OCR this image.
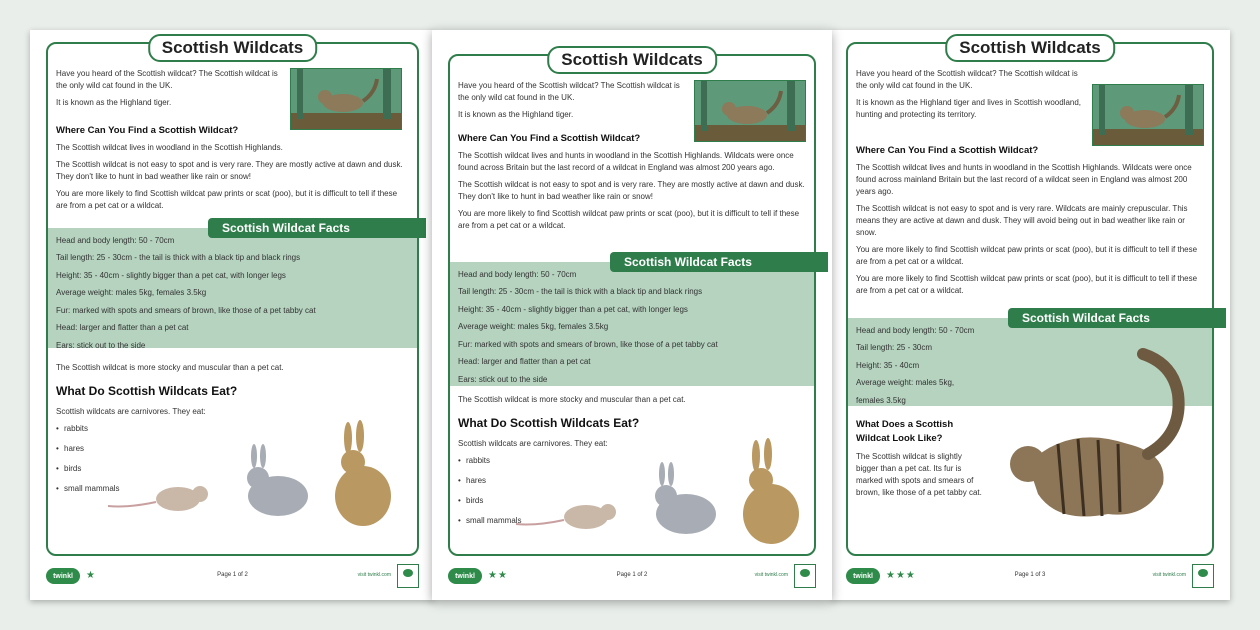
Scottish Wildcats

Have you heard of the Scottish wildcat? The Scottish wildcat is the only wild cat found in the UK.

It is known as the Highland tiger.

Where Can You Find a Scottish Wildcat?

The Scottish wildcat lives in woodland in the Scottish Highlands.

The Scottish wildcat is not easy to spot and is very rare. They are mostly active at dawn and dusk. They don't like to hunt in bad weather like rain or snow!

You are more likely to find Scottish wildcat paw prints or scat (poo), but it is difficult to tell if these are from a pet cat or a wildcat.

Head and body length: 50 - 70cm
Tail length: 25 - 30cm - the tail is thick with a black tip and black rings
Height: 35 - 40cm - slightly bigger than a pet cat, with longer legs
Average weight: males 5kg, females 3.5kg
Fur: marked with spots and smears of brown, like those of a pet tabby cat
Head: larger and flatter than a pet cat
Ears: stick out to the side
Scottish Wildcat Facts

The Scottish wildcat is more stocky and muscular than a pet cat.

What Do Scottish Wildcats Eat?

Scottish wildcats are carnivores. They eat:

• rabbits
• hares
• birds
• small mammals
twinkl	★	Page 1 of 2	visit twinkl.com
Scottish Wildcats

Have you heard of the Scottish wildcat? The Scottish wildcat is the only wild cat found in the UK.

It is known as the Highland tiger and lives in Scottish woodland, hunting and protecting its territory.

Where Can You Find a Scottish Wildcat?

The Scottish wildcat lives and hunts in woodland in the Scottish Highlands. Wildcats were once found across mainland Britain but the last record of a wildcat seen in England was almost 200 years ago.

The Scottish wildcat is not easy to spot and is very rare. Wildcats are mainly crepuscular. This means they are active at dawn and dusk. They will avoid being out in bad weather like rain or snow.

You are more likely to find Scottish wildcat paw prints or scat (poo), but it is difficult to tell if these are from a pet cat or a wildcat.

You are more likely to find Scottish wildcat paw prints or scat (poo), but it is difficult to tell if these are from a pet cat or a wildcat.

Head and body length: 50 - 70cm
Tail length: 25 - 30cm
Height: 35 - 40cm
Average weight: males 5kg,
females 3.5kg
Scottish Wildcat Facts
What Does a Scottish Wildcat Look Like?

The Scottish wildcat is slightly bigger than a pet cat. Its fur is marked with spots and smears of brown, like those of a pet tabby cat.

twinkl	★★★	Page 1 of 3	visit twinkl.com
Scottish Wildcats

Have you heard of the Scottish wildcat? The Scottish wildcat is the only wild cat found in the UK.

It is known as the Highland tiger.

Where Can You Find a Scottish Wildcat?

The Scottish wildcat lives and hunts in woodland in the Scottish Highlands. Wildcats were once found across Britain but the last record of a wildcat in England was almost 200 years ago.

The Scottish wildcat is not easy to spot and is very rare. They are mostly active at dawn and dusk. They don't like to hunt in bad weather like rain or snow!

You are more likely to find Scottish wildcat paw prints or scat (poo), but it is difficult to tell if these are from a pet cat or a wildcat.

Head and body length: 50 - 70cm
Tail length: 25 - 30cm - the tail is thick with a black tip and black rings
Height: 35 - 40cm - slightly bigger than a pet cat, with longer legs
Average weight: males 5kg, females 3.5kg
Fur: marked with spots and smears of brown, like those of a pet tabby cat
Head: larger and flatter than a pet cat
Ears: stick out to the side
Scottish Wildcat Facts

The Scottish wildcat is more stocky and muscular than a pet cat.

What Do Scottish Wildcats Eat?

Scottish wildcats are carnivores. They eat:

• rabbits
• hares
• birds
• small mammals
twinkl	★★	Page 1 of 2	visit twinkl.com
